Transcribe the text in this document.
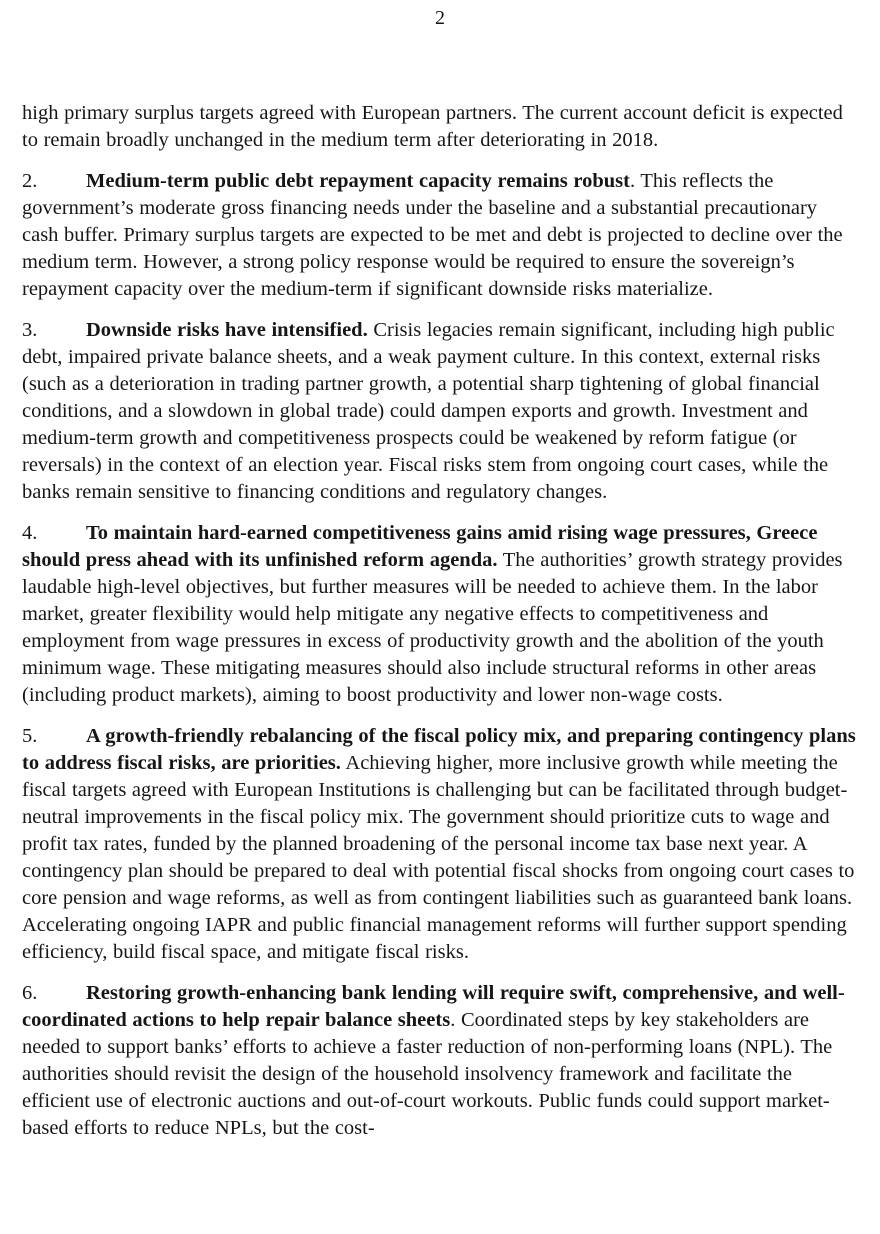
2

high primary surplus targets agreed with European partners. The current account deficit is expected to remain broadly unchanged in the medium term after deteriorating in 2018.

2. Medium-term public debt repayment capacity remains robust. This reflects the government’s moderate gross financing needs under the baseline and a substantial precautionary cash buffer. Primary surplus targets are expected to be met and debt is projected to decline over the medium term. However, a strong policy response would be required to ensure the sovereign’s repayment capacity over the medium-term if significant downside risks materialize.

3. Downside risks have intensified. Crisis legacies remain significant, including high public debt, impaired private balance sheets, and a weak payment culture. In this context, external risks (such as a deterioration in trading partner growth, a potential sharp tightening of global financial conditions, and a slowdown in global trade) could dampen exports and growth. Investment and medium-term growth and competitiveness prospects could be weakened by reform fatigue (or reversals) in the context of an election year. Fiscal risks stem from ongoing court cases, while the banks remain sensitive to financing conditions and regulatory changes.

4. To maintain hard-earned competitiveness gains amid rising wage pressures, Greece should press ahead with its unfinished reform agenda. The authorities’ growth strategy provides laudable high-level objectives, but further measures will be needed to achieve them. In the labor market, greater flexibility would help mitigate any negative effects to competitiveness and employment from wage pressures in excess of productivity growth and the abolition of the youth minimum wage. These mitigating measures should also include structural reforms in other areas (including product markets), aiming to boost productivity and lower non-wage costs.

5. A growth-friendly rebalancing of the fiscal policy mix, and preparing contingency plans to address fiscal risks, are priorities. Achieving higher, more inclusive growth while meeting the fiscal targets agreed with European Institutions is challenging but can be facilitated through budget-neutral improvements in the fiscal policy mix. The government should prioritize cuts to wage and profit tax rates, funded by the planned broadening of the personal income tax base next year. A contingency plan should be prepared to deal with potential fiscal shocks from ongoing court cases to core pension and wage reforms, as well as from contingent liabilities such as guaranteed bank loans. Accelerating ongoing IAPR and public financial management reforms will further support spending efficiency, build fiscal space, and mitigate fiscal risks.

6. Restoring growth-enhancing bank lending will require swift, comprehensive, and well-coordinated actions to help repair balance sheets. Coordinated steps by key stakeholders are needed to support banks’ efforts to achieve a faster reduction of non-performing loans (NPL). The authorities should revisit the design of the household insolvency framework and facilitate the efficient use of electronic auctions and out-of-court workouts. Public funds could support market-based efforts to reduce NPLs, but the cost-
